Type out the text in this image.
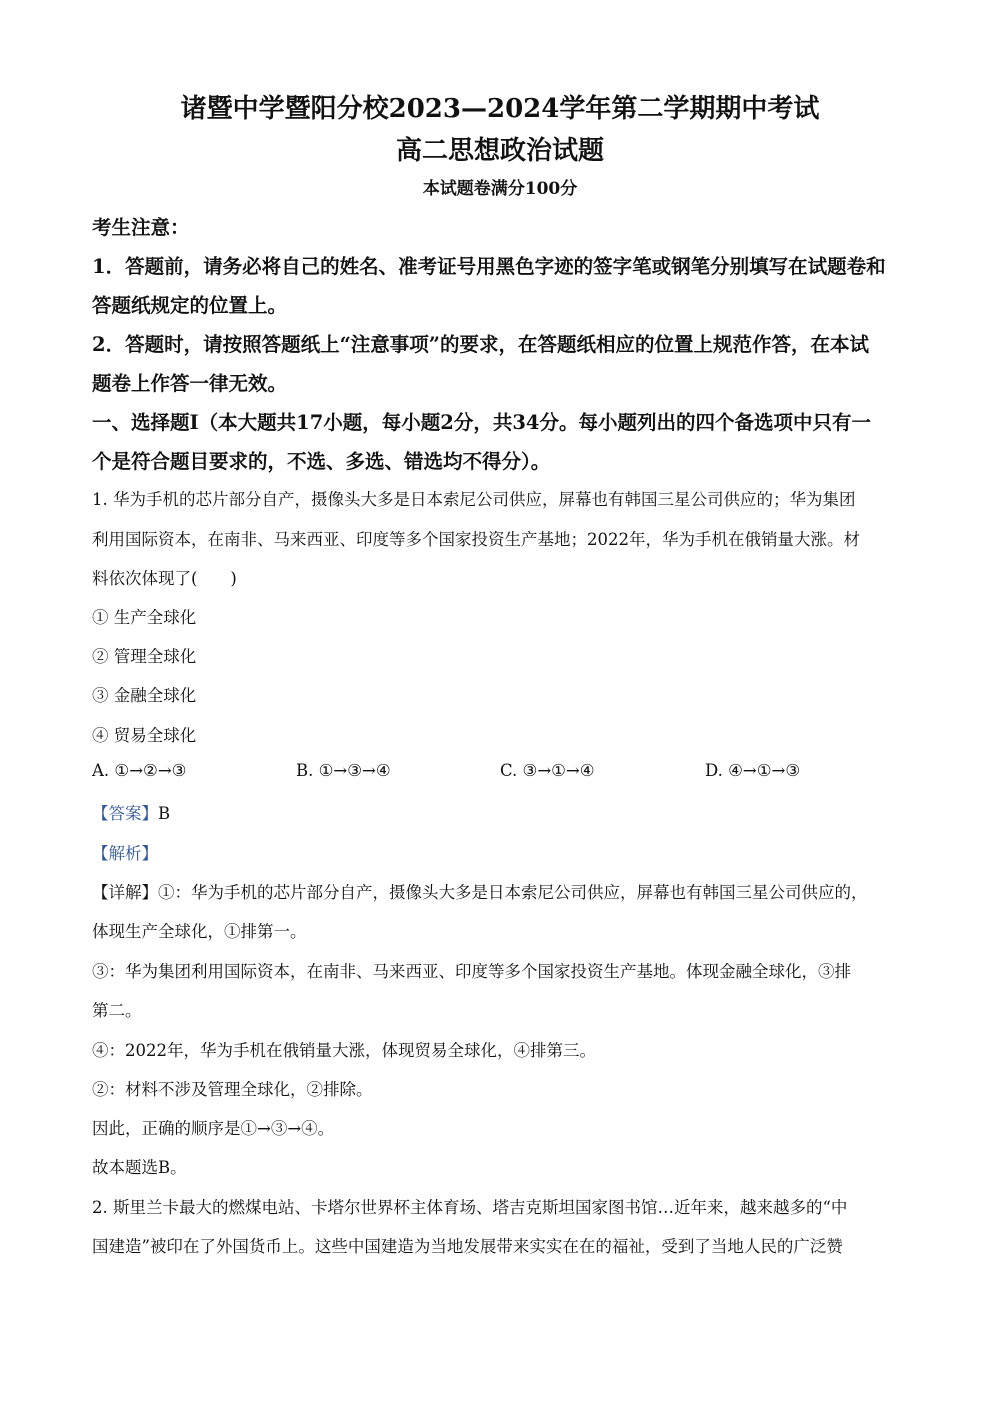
诸暨中学暨阳分校2023—2024学年第二学期期中考试
高二思想政治试题
本试题卷满分100分
考生注意：
1．答题前，请务必将自己的姓名、准考证号用黑色字迹的签字笔或钢笔分别填写在试题卷和
答题纸规定的位置上。
2．答题时，请按照答题纸上“注意事项”的要求，在答题纸相应的位置上规范作答，在本试
题卷上作答一律无效。
一、选择题Ⅰ（本大题共17小题，每小题2分，共34分。每小题列出的四个备选项中只有一
个是符合题目要求的，不选、多选、错选均不得分）。
1. 华为手机的芯片部分自产，摄像头大多是日本索尼公司供应，屏幕也有韩国三星公司供应的；华为集团
利用国际资本，在南非、马来西亚、印度等多个国家投资生产基地；2022年，华为手机在俄销量大涨。材
料依次体现了(　　)
① 生产全球化
② 管理全球化
③ 金融全球化
④ 贸易全球化
A. ①→②→③	B. ①→③→④	C. ③→①→④	D. ④→①→③
【答案】B
【解析】
【详解】①：华为手机的芯片部分自产，摄像头大多是日本索尼公司供应，屏幕也有韩国三星公司供应的，
体现生产全球化，①排第一。
③：华为集团利用国际资本，在南非、马来西亚、印度等多个国家投资生产基地。体现金融全球化，③排
第二。
④：2022年，华为手机在俄销量大涨，体现贸易全球化，④排第三。
②：材料不涉及管理全球化，②排除。
因此，正确的顺序是①→③→④。
故本题选B。
2. 斯里兰卡最大的燃煤电站、卡塔尔世界杯主体育场、塔吉克斯坦国家图书馆…近年来，越来越多的“中
国建造”被印在了外国货币上。这些中国建造为当地发展带来实实在在的福祉，受到了当地人民的广泛赞
